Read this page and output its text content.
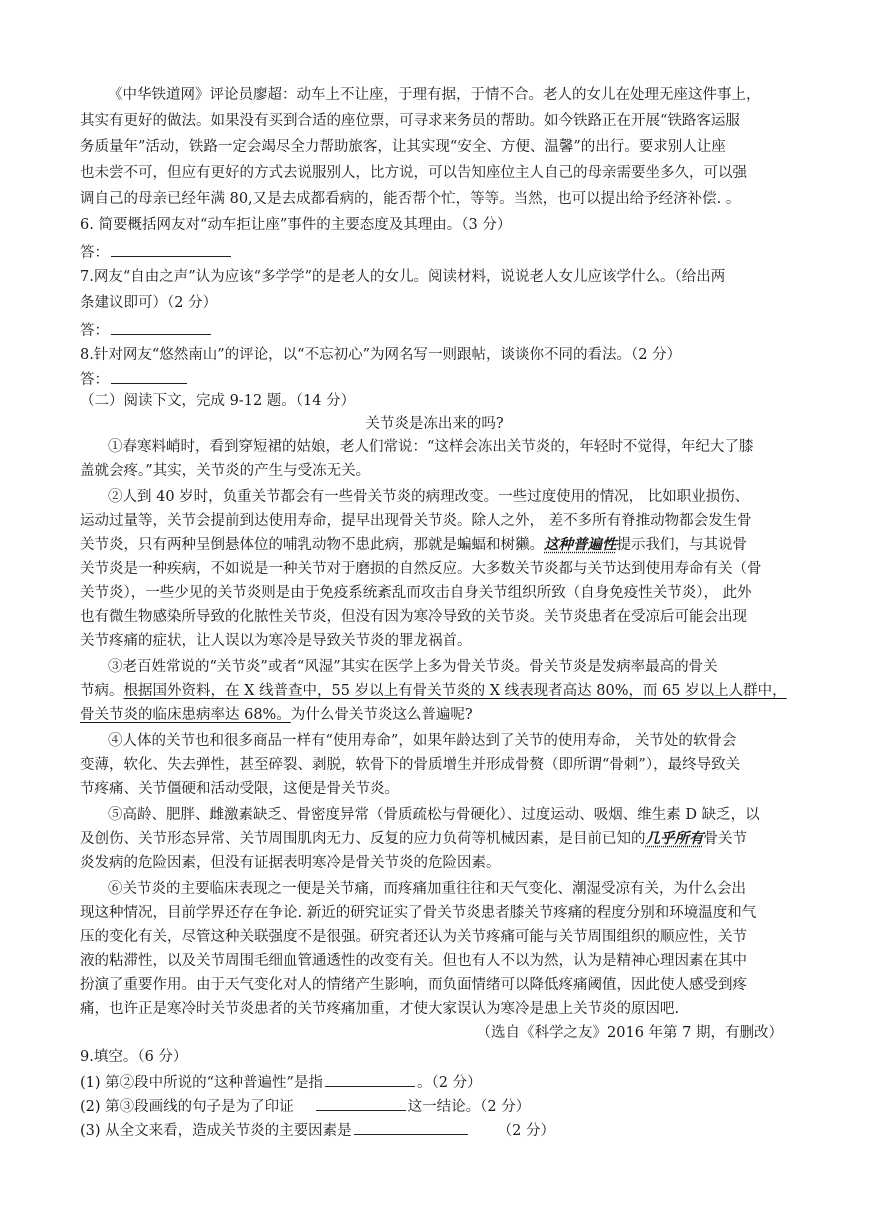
《中华铁道网》评论员廖超：动车上不让座，于理有据，于情不合。老人的女儿在处理无座这件事上，
其实有更好的做法。如果没有买到合适的座位票，可寻求来务员的帮助。如今铁路正在开展“铁路客运服
务质量年”活动，铁路一定会竭尽全力帮助旅客，让其实现“安全、方便、温馨”的出行。要求别人让座
也未尝不可，但应有更好的方式去说服别人，比方说，可以告知座位主人自己的母亲需要坐多久，可以强
调自己的母亲已经年满 80,又是去成都看病的，能否帮个忙，等等。当然，也可以提出给予经济补偿. 。
6. 简要概括网友对“动车拒让座”事件的主要态度及其理由。（3 分）
答：
7.网友“自由之声”认为应该“多学学”的是老人的女儿。阅读材料，说说老人女儿应该学什么。（给出两
条建议即可）（2 分）
答：
8.针对网友“悠然南山”的评论，以“不忘初心”为网名写一则跟帖，谈谈你不同的看法。（2 分）
答：
（二）阅读下文，完成 9-12 题。（14 分）
关节炎是冻出来的吗?
①春寒料峭时，看到穿短裙的姑娘，老人们常说：“这样会冻出关节炎的，年轻时不觉得，年纪大了膝
盖就会疼。”其实，关节炎的产生与受冻无关。
②人到 40 岁时，负重关节都会有一些骨关节炎的病理改变。一些过度使用的情况， 比如职业损伤、
运动过量等，关节会提前到达使用寿命，提早出现骨关节炎。除人之外， 差不多所有脊推动物都会发生骨
关节炎，只有两种呈倒悬体位的哺乳动物不患此病，那就是蝙蝠和树獭。这种普遍性提示我们，与其说骨
关节炎是一种疾病，不如说是一种关节对于磨损的自然反应。大多数关节炎都与关节达到使用寿命有关（骨
关节炎），一些少见的关节炎则是由于免疫系统紊乱而攻击自身关节组织所致（自身免疫性关节炎）， 此外
也有微生物感染所导致的化脓性关节炎，但没有因为寒冷导致的关节炎。关节炎患者在受凉后可能会出现
关节疼痛的症状，让人误以为寒冷是导致关节炎的罪龙祸首。
③老百姓常说的“关节炎”或者“风湿”其实在医学上多为骨关节炎。骨关节炎是发病率最高的骨关
节病。根据国外资料，在 X 线普查中，55 岁以上有骨关节炎的 X 线表现者高达 80%，而 65 岁以上人群中，
骨关节炎的临床患病率达 68%。为什么骨关节炎这么普遍呢?
④人体的关节也和很多商品一样有“使用寿命”，如果年龄达到了关节的使用寿命， 关节处的软骨会
变薄，软化、失去弹性，甚至碎裂、剥脱，软骨下的骨质增生并形成骨赘（即所谓“骨刺”），最终导致关
节疼痛、关节僵硬和活动受限，这便是骨关节炎。
⑤高龄、肥胖、雌激素缺乏、骨密度异常（骨质疏松与骨硬化）、过度运动、吸烟、维生素 D 缺乏，以
及创伤、关节形态异常、关节周围肌肉无力、反复的应力负荷等机械因素，是目前已知的几乎所有骨关节
炎发病的危险因素，但没有证据表明寒冷是骨关节炎的危险因素。
⑥关节炎的主要临床表现之一便是关节痛，而疼痛加重往往和天气变化、潮湿受凉有关，为什么会出
现这种情况，目前学界还存在争论. 新近的研究证实了骨关节炎患者膝关节疼痛的程度分别和环境温度和气
压的变化有关，尽管这种关联强度不是很强。研究者还认为关节疼痛可能与关节周围组织的顺应性，关节
液的粘滞性，以及关节周围毛细血管通透性的改变有关。但也有人不以为然，认为是精神心理因素在其中
扮演了重要作用。由于天气变化对人的情绪产生影响，而负面情绪可以降低疼痛阈值，因此使人感受到疼
痛，也许正是寒冷时关节炎患者的关节疼痛加重，才使大家误认为寒冷是患上关节炎的原因吧.
（选自《科学之友》2016 年第 7 期，有删改）
9.填空。（6 分）
(1) 第②段中所说的“这种普遍性”是指	。（2 分）
(2) 第③段画线的句子是为了印证	这一结论。（2 分）
(3) 从全文来看，造成关节炎的主要因素是	（2 分）
